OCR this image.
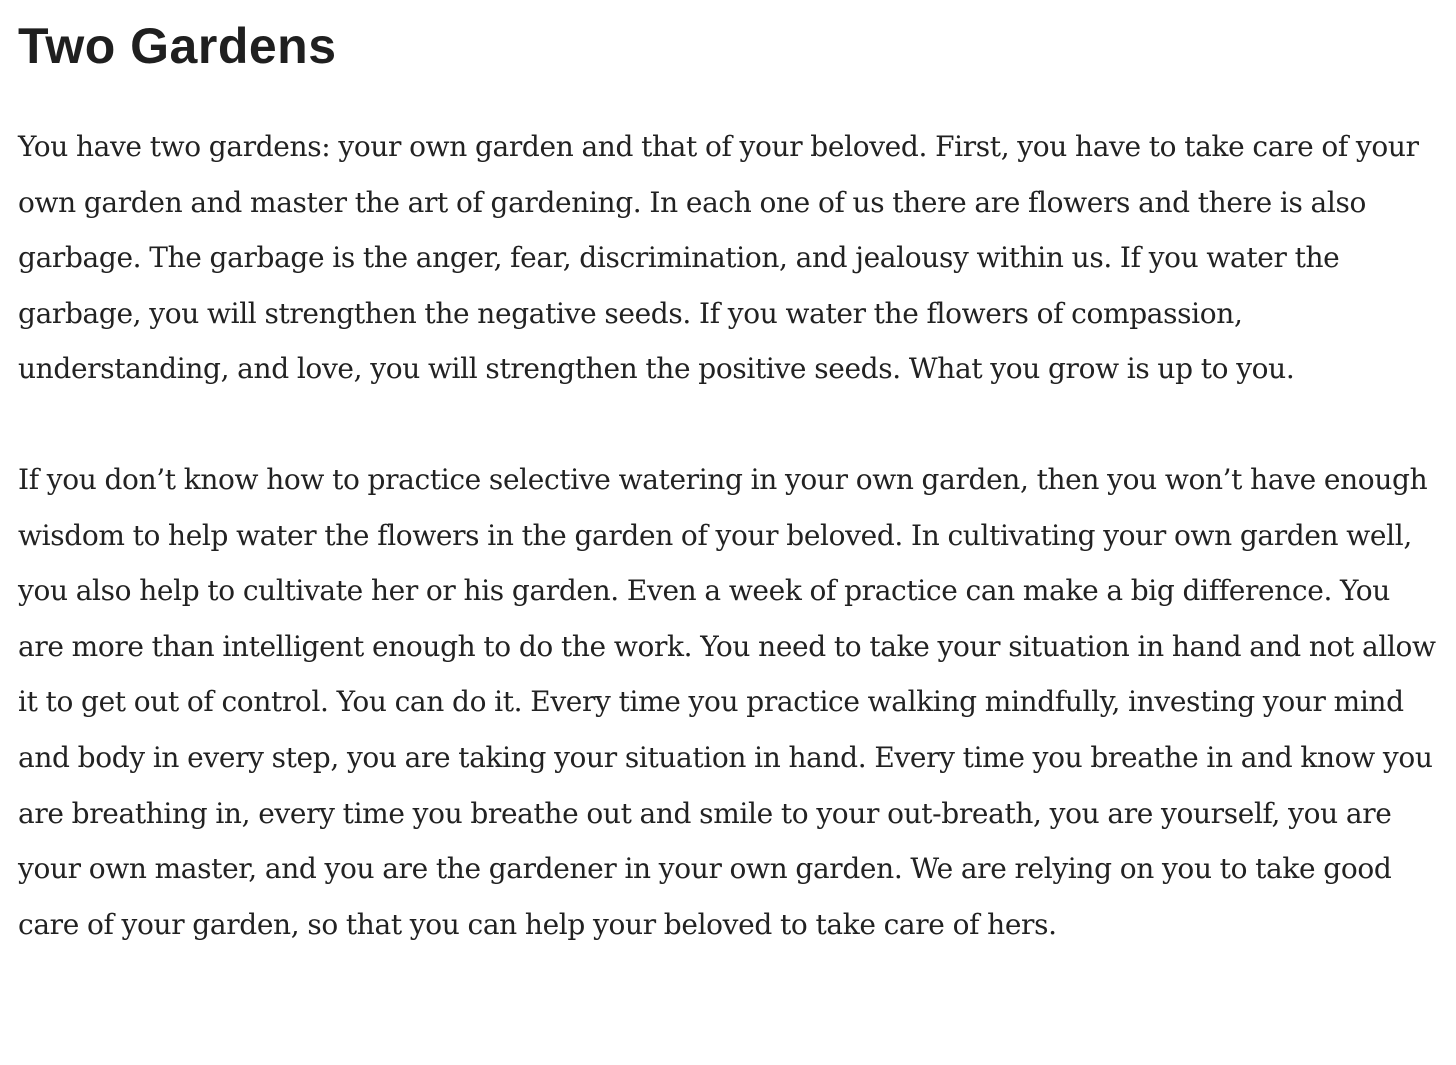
Two Gardens

You have two gardens: your own garden and that of your beloved. First, you have to take care of your own garden and master the art of gardening. In each one of us there are flowers and there is also garbage. The garbage is the anger, fear, discrimination, and jealousy within us. If you water the garbage, you will strengthen the negative seeds. If you water the flowers of compassion, understanding, and love, you will strengthen the positive seeds. What you grow is up to you.

If you don’t know how to practice selective watering in your own garden, then you won’t have enough wisdom to help water the flowers in the garden of your beloved. In cultivating your own garden well, you also help to cultivate her or his garden. Even a week of practice can make a big difference. You are more than intelligent enough to do the work. You need to take your situation in hand and not allow it to get out of control. You can do it. Every time you practice walking mindfully, investing your mind and body in every step, you are taking your situation in hand. Every time you breathe in and know you are breathing in, every time you breathe out and smile to your out-breath, you are yourself, you are your own master, and you are the gardener in your own garden. We are relying on you to take good care of your garden, so that you can help your beloved to take care of hers.
